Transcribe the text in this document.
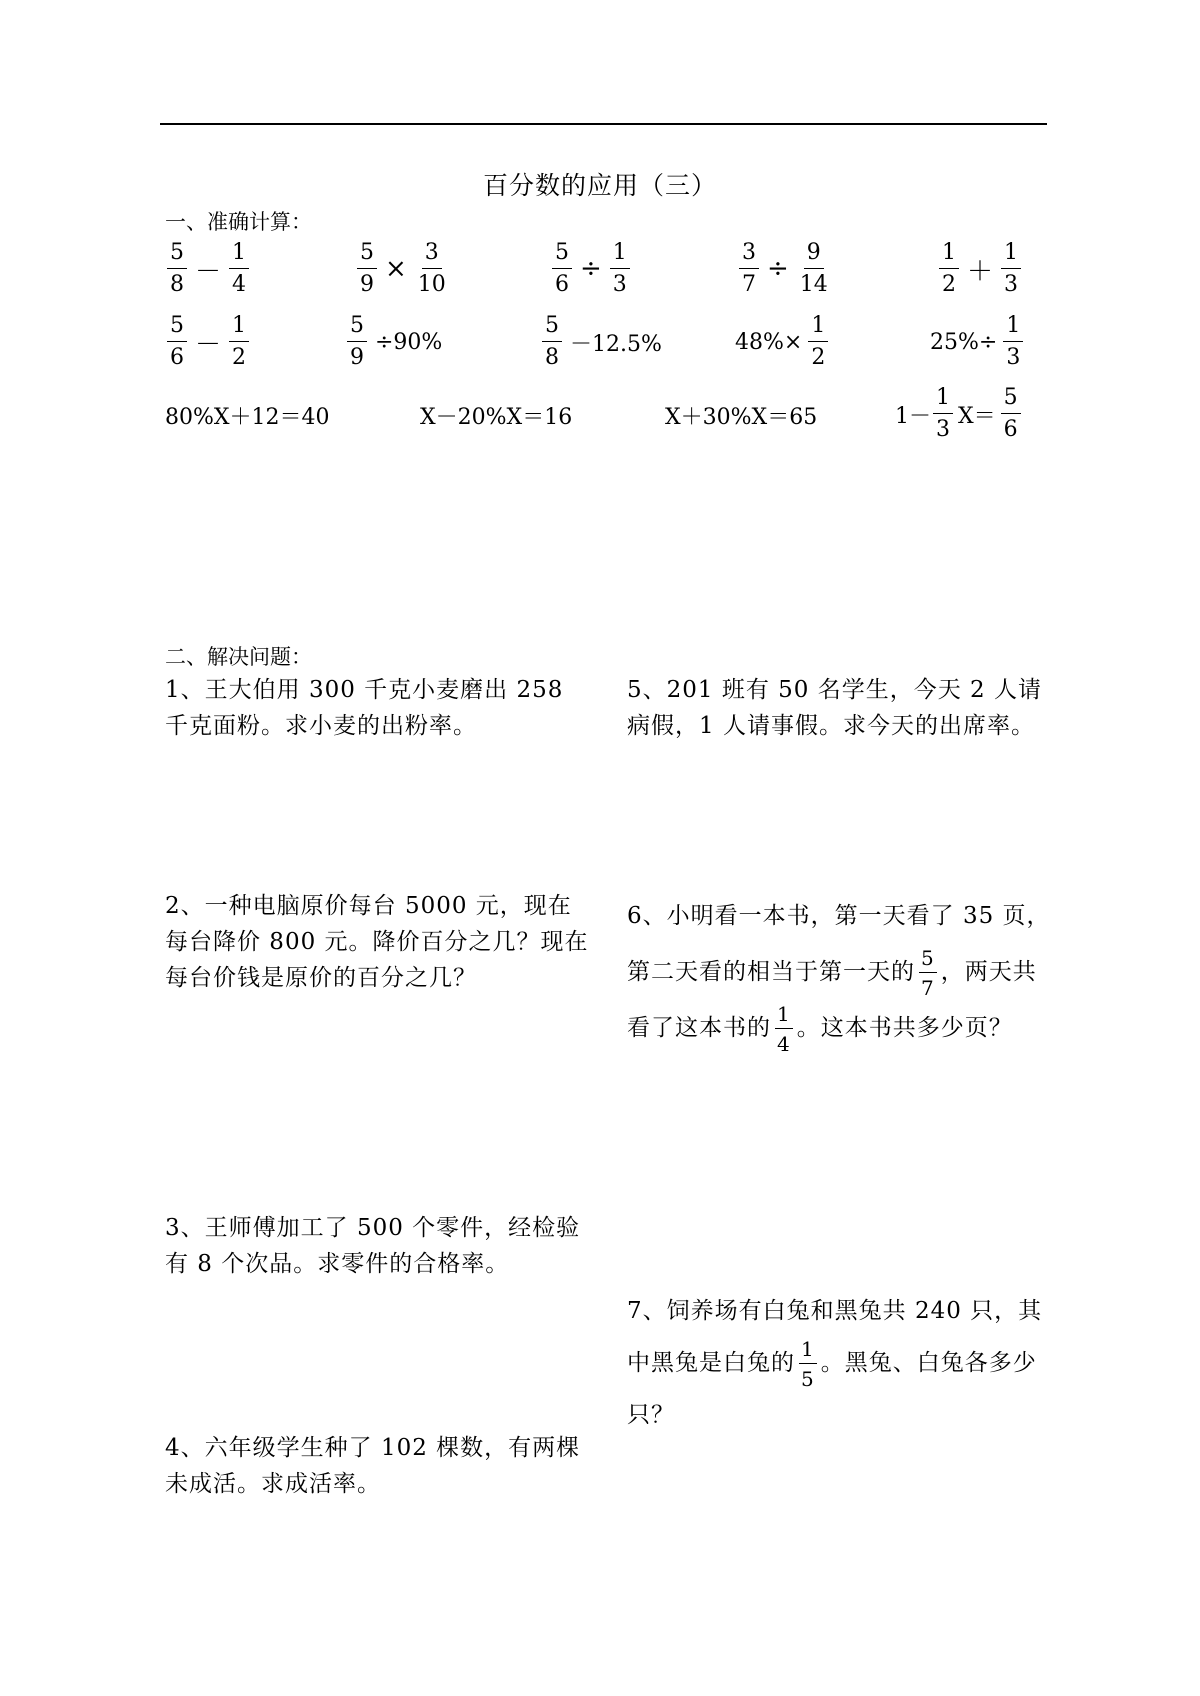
百分数的应用（三）
一、准确计算：
$\frac{5}{8} - \frac{1}{4}$	$\frac{5}{9} \times \frac{3}{10}$	$\frac{5}{6} \div \frac{1}{3}$	$\frac{3}{7} \div \frac{9}{14}$	$\frac{1}{2} + \frac{1}{3}$
$\frac{5}{6} - \frac{1}{2}$	$\frac{5}{9} \div 90\%$	$\frac{5}{8} -12.5\%$	$48\%\times \frac{1}{2}$	$25\%\div \frac{1}{3}$
80%X＋12＝40	X－20%X＝16	X＋30%X＝65	$1- \frac{1}{3} X= \frac{5}{6}$
二、解决问题：
1、王大伯用 300 千克小麦磨出 258 千克面粉。求小麦的出粉率。
2、一种电脑原价每台 5000 元，现在每台降价 800 元。降价百分之几？现在每台价钱是原价的百分之几？
3、王师傅加工了 500 个零件，经检验有 8 个次品。求零件的合格率。
4、六年级学生种了 102 棵数，有两棵未成活。求成活率。
5、201 班有 50 名学生，今天 2 人请病假，1 人请事假。求今天的出席率。
6、小明看一本书，第一天看了 35 页，第二天看的相当于第一天的 $\frac{5}{7}$ ，两天共看了这本书的 $\frac{1}{4}$ 。这本书共多少页？
7、饲养场有白兔和黑兔共 240 只，其中黑兔是白兔的 $\frac{1}{5}$ 。黑兔、白兔各多少只？
